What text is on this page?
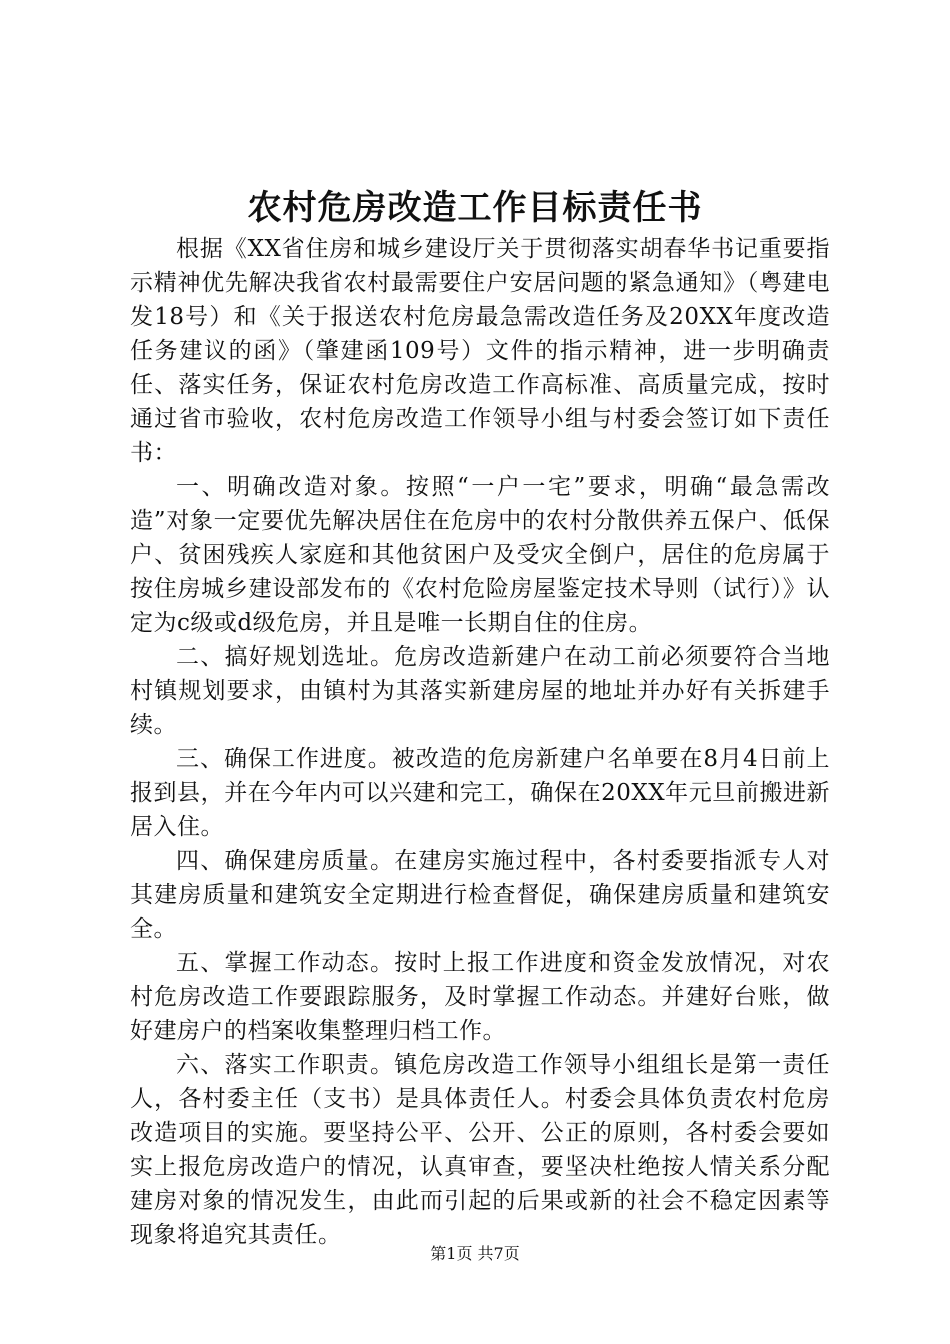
农村危房改造工作目标责任书

根据《XX省住房和城乡建设厅关于贯彻落实胡春华书记重要指示精神优先解决我省农村最需要住户安居问题的紧急通知》（粤建电发18号）和《关于报送农村危房最急需改造任务及20XX年度改造任务建议的函》（肇建函109号）文件的指示精神，进一步明确责任、落实任务，保证农村危房改造工作高标准、高质量完成，按时通过省市验收，农村危房改造工作领导小组与村委会签订如下责任书：

一、明确改造对象。按照“一户一宅”要求，明确“最急需改造”对象一定要优先解决居住在危房中的农村分散供养五保户、低保户、贫困残疾人家庭和其他贫困户及受灾全倒户，居住的危房属于按住房城乡建设部发布的《农村危险房屋鉴定技术导则（试行）》认定为c级或d级危房，并且是唯一长期自住的住房。

二、搞好规划选址。危房改造新建户在动工前必须要符合当地村镇规划要求，由镇村为其落实新建房屋的地址并办好有关拆建手续。

三、确保工作进度。被改造的危房新建户名单要在8月4日前上报到县，并在今年内可以兴建和完工，确保在20XX年元旦前搬进新居入住。

四、确保建房质量。在建房实施过程中，各村委要指派专人对其建房质量和建筑安全定期进行检查督促，确保建房质量和建筑安全。

五、掌握工作动态。按时上报工作进度和资金发放情况，对农村危房改造工作要跟踪服务，及时掌握工作动态。并建好台账，做好建房户的档案收集整理归档工作。

六、落实工作职责。镇危房改造工作领导小组组长是第一责任人，各村委主任（支书）是具体责任人。村委会具体负责农村危房改造项目的实施。要坚持公平、公开、公正的原则，各村委会要如实上报危房改造户的情况，认真审查，要坚决杜绝按人情关系分配建房对象的情况发生，由此而引起的后果或新的社会不稳定因素等现象将追究其责任。

第1页 共7页
